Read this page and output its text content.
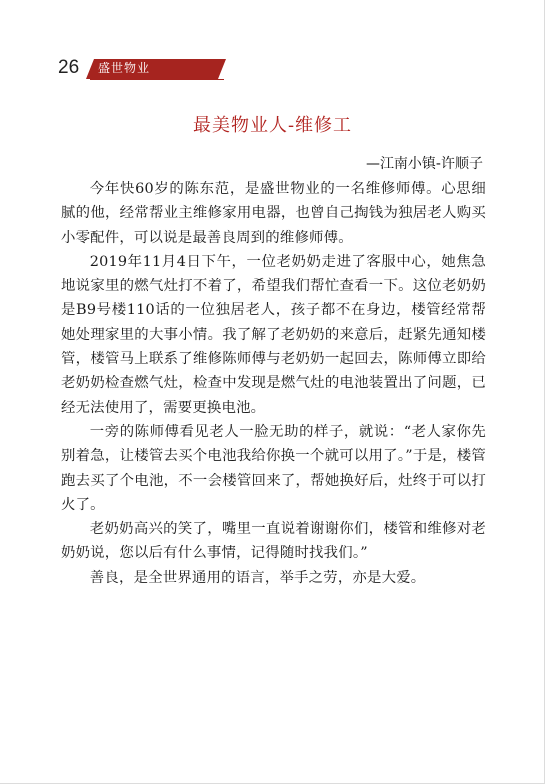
26 盛世物业
最美物业人-维修工
—江南小镇-许顺子

今年快60岁的陈东范，是盛世物业的一名维修师傅。心思细腻的他，经常帮业主维修家用电器，也曾自己掏钱为独居老人购买小零配件，可以说是最善良周到的维修师傅。

2019年11月4日下午，一位老奶奶走进了客服中心，她焦急地说家里的燃气灶打不着了，希望我们帮忙查看一下。这位老奶奶是B9号楼110话的一位独居老人，孩子都不在身边，楼管经常帮她处理家里的大事小情。我了解了老奶奶的来意后，赶紧先通知楼管，楼管马上联系了维修陈师傅与老奶奶一起回去，陈师傅立即给老奶奶检查燃气灶，检查中发现是燃气灶的电池装置出了问题，已经无法使用了，需要更换电池。

一旁的陈师傅看见老人一脸无助的样子，就说：“老人家你先别着急，让楼管去买个电池我给你换一个就可以用了。”于是，楼管跑去买了个电池，不一会楼管回来了，帮她换好后，灶终于可以打火了。

老奶奶高兴的笑了，嘴里一直说着谢谢你们，楼管和维修对老奶奶说，您以后有什么事情，记得随时找我们。”

善良，是全世界通用的语言，举手之劳，亦是大爱。
